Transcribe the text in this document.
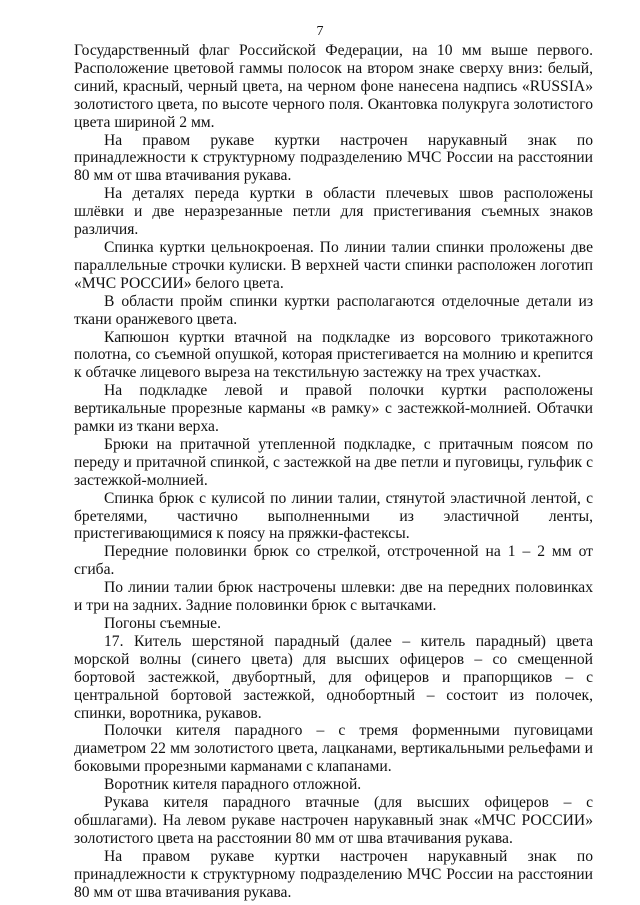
7

Государственный флаг Российской Федерации, на 10 мм выше первого. Расположение цветовой гаммы полосок на втором знаке сверху вниз: белый, синий, красный, черный цвета, на черном фоне нанесена надпись «RUSSIA» золотистого цвета, по высоте черного поля. Окантовка полукруга золотистого цвета шириной 2 мм.

На правом рукаве куртки настрочен нарукавный знак по принадлежности к структурному подразделению МЧС России на расстоянии 80 мм от шва втачивания рукава.

На деталях переда куртки в области плечевых швов расположены шлёвки и две неразрезанные петли для пристегивания съемных знаков различия.

Спинка куртки цельнокроеная. По линии талии спинки проложены две параллельные строчки кулиски. В верхней части спинки расположен логотип «МЧС РОССИИ» белого цвета.

В области пройм спинки куртки располагаются отделочные детали из ткани оранжевого цвета.

Капюшон куртки втачной на подкладке из ворсового трикотажного полотна, со съемной опушкой, которая пристегивается на молнию и крепится к обтачке лицевого выреза на текстильную застежку на трех участках.

На подкладке левой и правой полочки куртки расположены вертикальные прорезные карманы «в рамку» с застежкой-молнией. Обтачки рамки из ткани верха.

Брюки на притачной утепленной подкладке, с притачным поясом по переду и притачной спинкой, с застежкой на две петли и пуговицы, гульфик с застежкой-молнией.

Спинка брюк с кулисой по линии талии, стянутой эластичной лентой, с бретелями, частично выполненными из эластичной ленты, пристегивающимися к поясу на пряжки-фастексы.

Передние половинки брюк со стрелкой, отстроченной на 1 – 2 мм от сгиба.

По линии талии брюк настрочены шлевки: две на передних половинках и три на задних. Задние половинки брюк с вытачками.

Погоны съемные.

17. Китель шерстяной парадный (далее – китель парадный) цвета морской волны (синего цвета) для высших офицеров – со смещенной бортовой застежкой, двубортный, для офицеров и прапорщиков – с центральной бортовой застежкой, однобортный – состоит из полочек, спинки, воротника, рукавов.

Полочки кителя парадного – с тремя форменными пуговицами диаметром 22 мм золотистого цвета, лацканами, вертикальными рельефами и боковыми прорезными карманами с клапанами.

Воротник кителя парадного отложной.

Рукава кителя парадного втачные (для высших офицеров – с обшлагами). На левом рукаве настрочен нарукавный знак «МЧС РОССИИ» золотистого цвета на расстоянии 80 мм от шва втачивания рукава.

На правом рукаве куртки настрочен нарукавный знак по принадлежности к структурному подразделению МЧС России на расстоянии 80 мм от шва втачивания рукава.
